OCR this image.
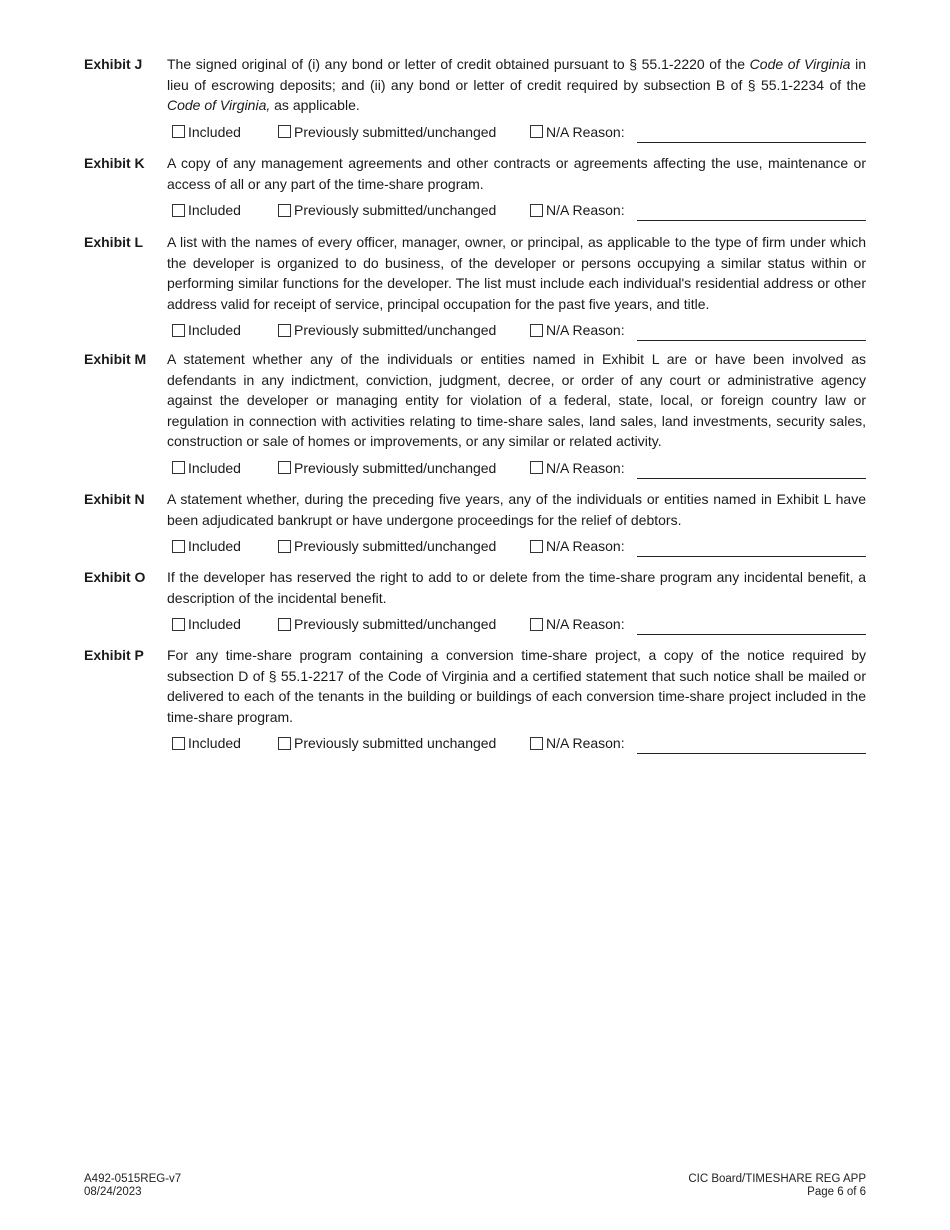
Exhibit J The signed original of (i) any bond or letter of credit obtained pursuant to § 55.1-2220 of the Code of Virginia in lieu of escrowing deposits; and (ii) any bond or letter of credit required by subsection B of § 55.1-2234 of the Code of Virginia, as applicable.
Included	Previously submitted/unchanged	N/A Reason:
Exhibit K A copy of any management agreements and other contracts or agreements affecting the use, maintenance or access of all or any part of the time-share program.
Included	Previously submitted/unchanged	N/A Reason:
Exhibit L A list with the names of every officer, manager, owner, or principal, as applicable to the type of firm under which the developer is organized to do business, of the developer or persons occupying a similar status within or performing similar functions for the developer. The list must include each individual's residential address or other address valid for receipt of service, principal occupation for the past five years, and title.
Included	Previously submitted/unchanged	N/A Reason:
Exhibit M A statement whether any of the individuals or entities named in Exhibit L are or have been involved as defendants in any indictment, conviction, judgment, decree, or order of any court or administrative agency against the developer or managing entity for violation of a federal, state, local, or foreign country law or regulation in connection with activities relating to time-share sales, land sales, land investments, security sales, construction or sale of homes or improvements, or any similar or related activity.
Included	Previously submitted/unchanged	N/A Reason:
Exhibit N A statement whether, during the preceding five years, any of the individuals or entities named in Exhibit L have been adjudicated bankrupt or have undergone proceedings for the relief of debtors.
Included	Previously submitted/unchanged	N/A Reason:
Exhibit O If the developer has reserved the right to add to or delete from the time-share program any incidental benefit, a description of the incidental benefit.
Included	Previously submitted/unchanged	N/A Reason:
Exhibit P For any time-share program containing a conversion time-share project, a copy of the notice required by subsection D of § 55.1-2217 of the Code of Virginia and a certified statement that such notice shall be mailed or delivered to each of the tenants in the building or buildings of each conversion time-share project included in the time-share program.
Included	Previously submitted unchanged	N/A Reason:
A492-0515REG-v7
08/24/2023
CIC Board/TIMESHARE REG APP
Page 6 of 6
